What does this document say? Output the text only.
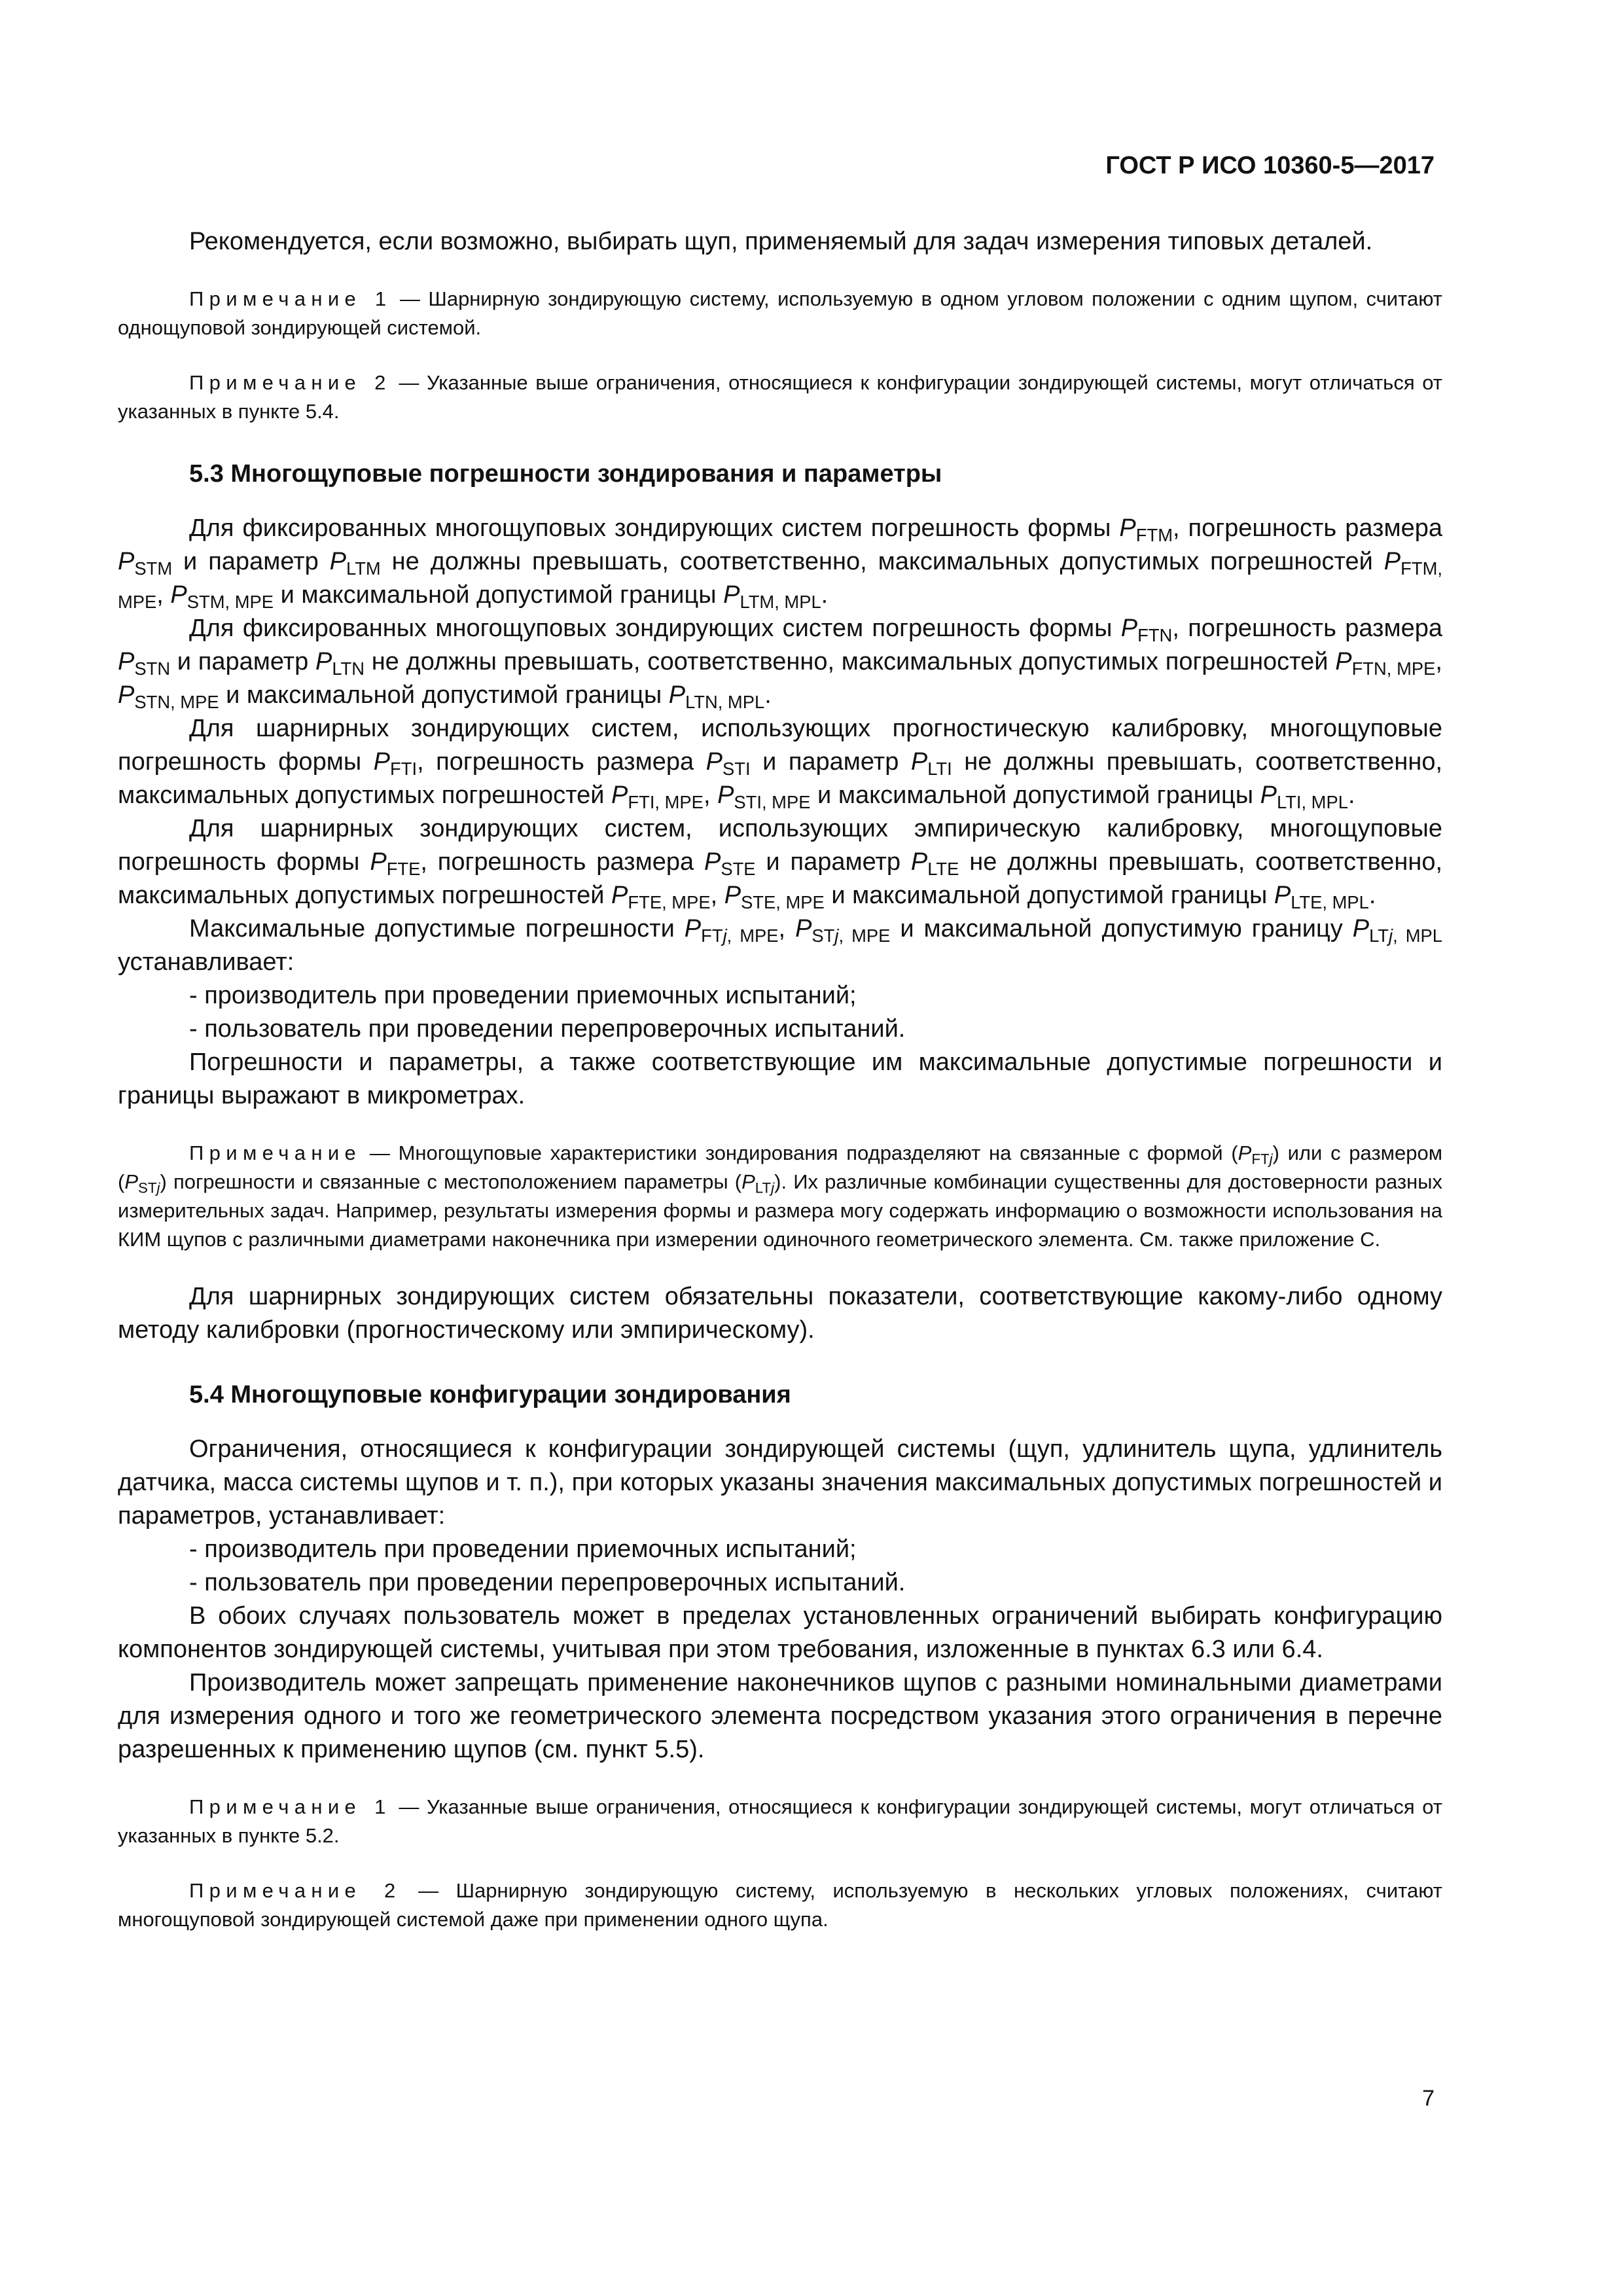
ГОСТ Р ИСО 10360-5—2017

Рекомендуется, если возможно, выбирать щуп, применяемый для задач измерения типовых деталей.

Примечание 1 — Шарнирную зондирующую систему, используемую в одном угловом положении с одним щупом, считают однощуповой зондирующей системой.

Примечание 2 — Указанные выше ограничения, относящиеся к конфигурации зондирующей системы, могут отличаться от указанных в пункте 5.4.

5.3 Многощуповые погрешности зондирования и параметры

Для фиксированных многощуповых зондирующих систем погрешность формы $P_{FTM}$, погрешность размера $P_{STM}$ и параметр $P_{LTM}$ не должны превышать, соответственно, максимальных допустимых погрешностей $P_{FTM, MPE}$, $P_{STM, MPE}$ и максимальной допустимой границы $P_{LTM, MPL}$.

Для фиксированных многощуповых зондирующих систем погрешность формы $P_{FTN}$, погрешность размера $P_{STN}$ и параметр $P_{LTN}$ не должны превышать, соответственно, максимальных допустимых погрешностей $P_{FTN, MPE}$, $P_{STN, MPE}$ и максимальной допустимой границы $P_{LTN, MPL}$.

Для шарнирных зондирующих систем, использующих прогностическую калибровку, многощуповые погрешность формы $P_{FTI}$, погрешность размера $P_{STI}$ и параметр $P_{LTI}$ не должны превышать, соответственно, максимальных допустимых погрешностей $P_{FTI, MPE}$, $P_{STI, MPE}$ и максимальной допустимой границы $P_{LTI, MPL}$.

Для шарнирных зондирующих систем, использующих эмпирическую калибровку, многощуповые погрешность формы $P_{FTE}$, погрешность размера $P_{STE}$ и параметр $P_{LTE}$ не должны превышать, соответственно, максимальных допустимых погрешностей $P_{FTE, MPE}$, $P_{STE, MPE}$ и максимальной допустимой границы $P_{LTE, MPL}$.

Максимальные допустимые погрешности $P_{FTj, MPE}$, $P_{STj, MPE}$ и максимальной допустимую границу $P_{LTj, MPL}$ устанавливает:

- производитель при проведении приемочных испытаний;

- пользователь при проведении перепроверочных испытаний.

Погрешности и параметры, а также соответствующие им максимальные допустимые погрешности и границы выражают в микрометрах.

Примечание — Многощуповые характеристики зондирования подразделяют на связанные с формой $(P_{FTj})$ или с размером $(P_{STj})$ погрешности и связанные с местоположением параметры $(P_{LTj})$. Их различные комбинации существенны для достоверности разных измерительных задач. Например, результаты измерения формы и размера могу содержать информацию о возможности использования на КИМ щупов с различными диаметрами наконечника при измерении одиночного геометрического элемента. См. также приложение С.

Для шарнирных зондирующих систем обязательны показатели, соответствующие какому-либо одному методу калибровки (прогностическому или эмпирическому).

5.4 Многощуповые конфигурации зондирования

Ограничения, относящиеся к конфигурации зондирующей системы (щуп, удлинитель щупа, удлинитель датчика, масса системы щупов и т. п.), при которых указаны значения максимальных допустимых погрешностей и параметров, устанавливает:

- производитель при проведении приемочных испытаний;

- пользователь при проведении перепроверочных испытаний.

В обоих случаях пользователь может в пределах установленных ограничений выбирать конфигурацию компонентов зондирующей системы, учитывая при этом требования, изложенные в пунктах 6.3 или 6.4.

Производитель может запрещать применение наконечников щупов с разными номинальными диаметрами для измерения одного и того же геометрического элемента посредством указания этого ограничения в перечне разрешенных к применению щупов (см. пункт 5.5).

Примечание 1 — Указанные выше ограничения, относящиеся к конфигурации зондирующей системы, могут отличаться от указанных в пункте 5.2.

Примечание 2 — Шарнирную зондирующую систему, используемую в нескольких угловых положениях, считают многощуповой зондирующей системой даже при применении одного щупа.

7
